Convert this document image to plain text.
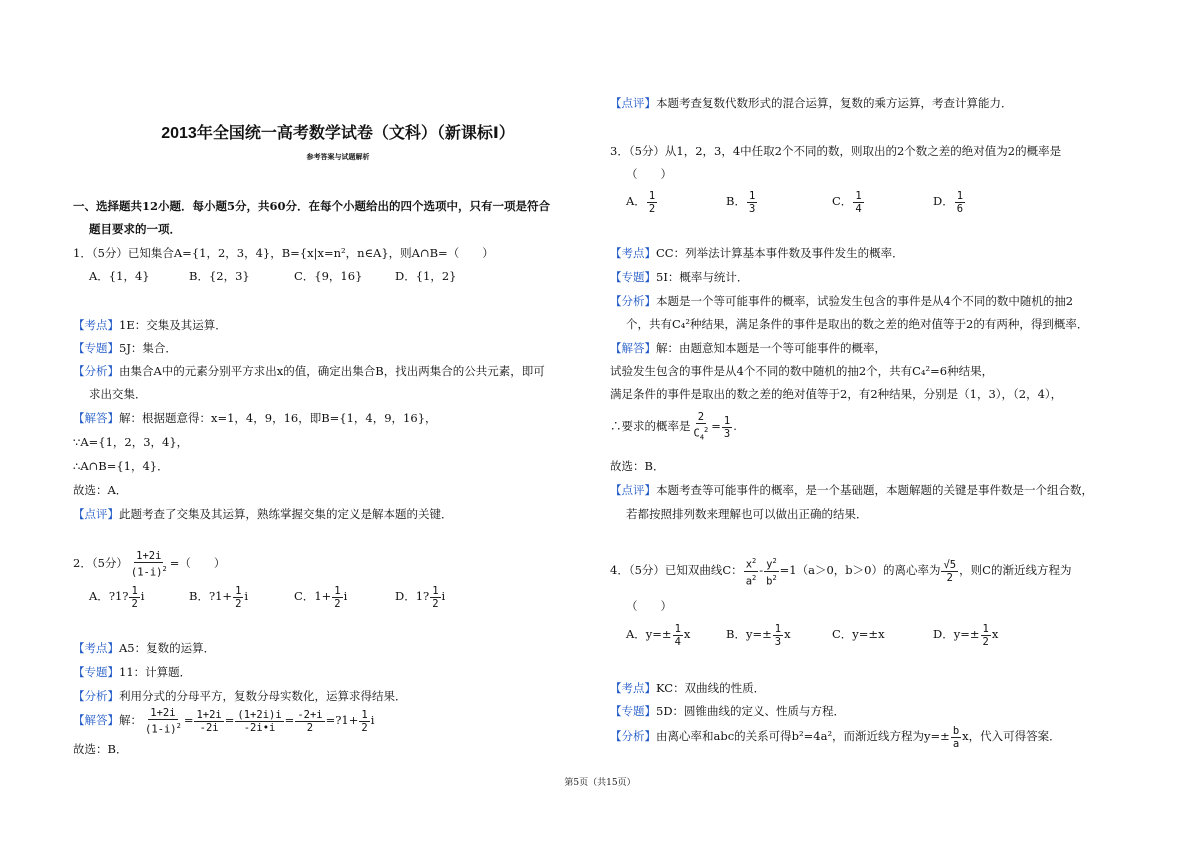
2013年全国统一高考数学试卷（文科）（新课标Ⅰ）
参考答案与试题解析
一、选择题共12小题．每小题5分，共60分．在每个小题给出的四个选项中，只有一项是符合
题目要求的一项．
1．（5分）已知集合A={1，2，3，4}，B={x|x=n²，n∈A}，则A∩B=（　　）
A．{1，4}	B．{2，3}	C．{9，16}	D．{1，2}
【考点】1E：交集及其运算．
【专题】5J：集合．
【分析】由集合A中的元素分别平方求出x的值，确定出集合B，找出两集合的公共元素，即可
求出交集．
【解答】解：根据题意得：x=1，4，9，16，即B={1，4，9，16}，
∵A={1，2，3，4}，
∴A∩B={1，4}．
故选：A．
【点评】此题考查了交集及其运算，熟练掌握交集的定义是解本题的关键．
2．（5分） $\frac{1+2i}{(1-i)^2}$ =（　　）
A．?1? $\frac{1}{2}$ i	B．?1+ $\frac{1}{2}$ i	C．$1+ \frac{1}{2}$ i	D．1? $\frac{1}{2}$ i
【考点】A5：复数的运算．
【专题】11：计算题．
【分析】利用分式的分母平方，复数分母实数化，运算求得结果．
【解答】解： $\frac{1+2i}{(1-i)^2} = \frac{1+2i}{-2i} = \frac{(1+2i)i}{-2i•i} = \frac{-2+i}{2}$ =?1+ $\frac{1}{2}$ i
故选：B．
【点评】本题考查复数代数形式的混合运算，复数的乘方运算，考查计算能力．
3．（5分）从1，2，3，4中任取2个不同的数，则取出的2个数之差的绝对值为2的概率是
（　　）
A． $\frac{1}{2}$	B． $\frac{1}{3}$	C． $\frac{1}{4}$	D． $\frac{1}{6}$
【考点】CC：列举法计算基本事件数及事件发生的概率．
【专题】5I：概率与统计．
【分析】本题是一个等可能事件的概率，试验发生包含的事件是从4个不同的数中随机的抽2
个，共有C₄²种结果，满足条件的事件是取出的数之差的绝对值等于2的有两种，得到概率．
【解答】解：由题意知本题是一个等可能事件的概率，
试验发生包含的事件是从4个不同的数中随机的抽2个，共有C₄²=6种结果，
满足条件的事件是取出的数之差的绝对值等于2，有2种结果，分别是（1，3），（2，4），
∴要求的概率是 $\frac{2}{C_4^2} = \frac{1}{3}$ .
故选：B．
【点评】本题考查等可能事件的概率，是一个基础题，本题解题的关键是事件数是一个组合数，
若都按照排列数来理解也可以做出正确的结果．
4．（5分）已知双曲线C： $\frac{x^2}{a^2} - \frac{y^2}{b^2} =1(a>0$，b＞0）的离心率为 $\frac{√5}{2}$ ，则C的渐近线方程为
（　　）
A．$y=\pm \frac{1}{4}$ x	B．$y=\pm \frac{1}{3}$ x	C．y=±x	D．$y=\pm \frac{1}{2}$ x
【考点】KC：双曲线的性质．
【专题】5D：圆锥曲线的定义、性质与方程．
【分析】由离心率和abc的关系可得b²=4a²，而渐近线方程为$y=\pm \frac{b}{a}$ x，代入可得答案．
第5页（共15页）
